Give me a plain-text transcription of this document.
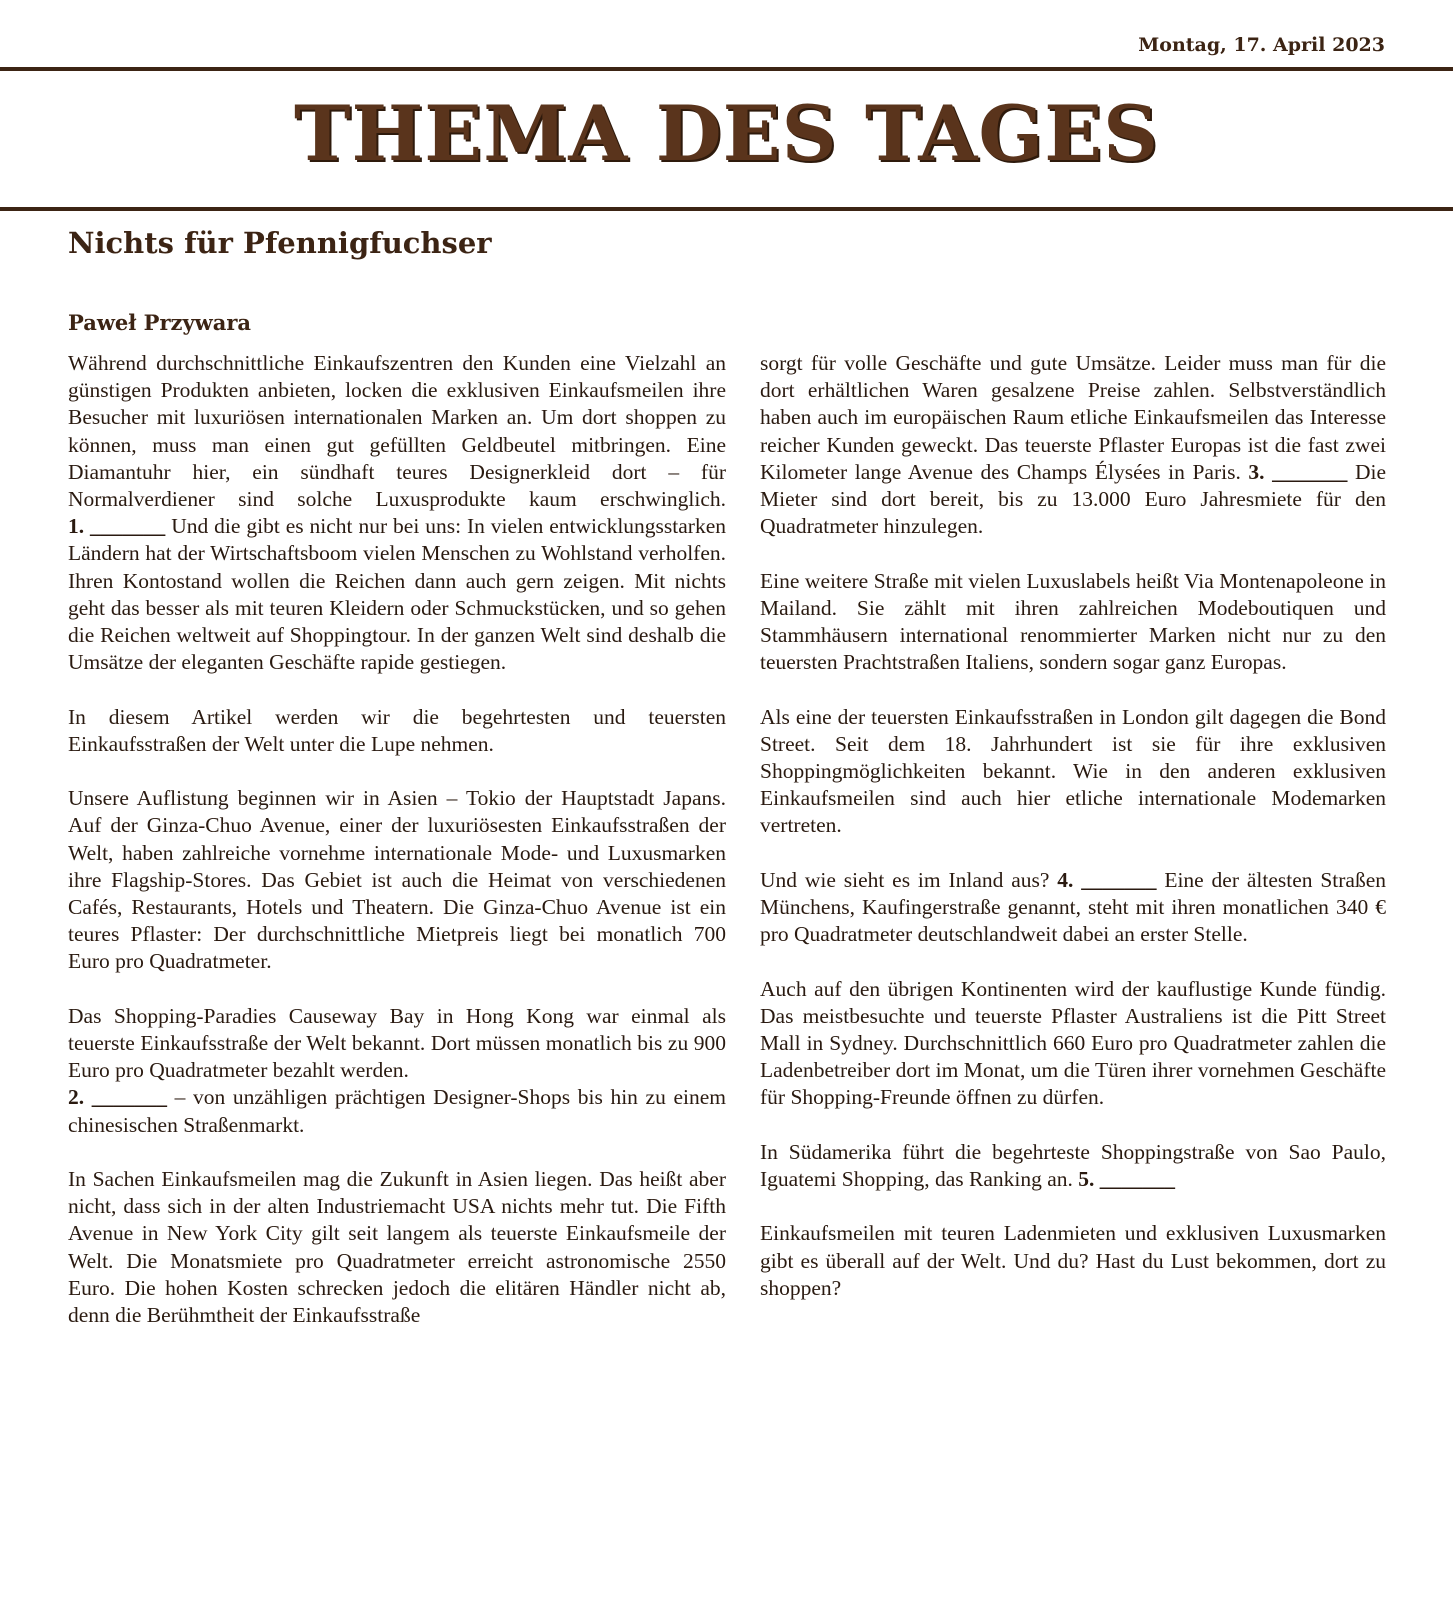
Montag, 17. April 2023
THEMA DES TAGES
Nichts für Pfennigfuchser
Paweł Przywara

Während durchschnittliche Einkaufszentren den Kunden eine Vielzahl an günstigen Produkten anbieten, locken die exklusiven Einkaufsmeilen ihre Besucher mit luxuriösen internationalen Marken an. Um dort shoppen zu können, muss man einen gut gefüllten Geldbeutel mitbringen. Eine Diamantuhr hier, ein sündhaft teures Designerkleid dort – für Normalverdiener sind solche Luxusprodukte kaum erschwinglich. 1. _______ Und die gibt es nicht nur bei uns: In vielen entwicklungsstarken Ländern hat der Wirtschaftsboom vielen Menschen zu Wohlstand verholfen. Ihren Kontostand wollen die Reichen dann auch gern zeigen. Mit nichts geht das besser als mit teuren Kleidern oder Schmuckstücken, und so gehen die Reichen weltweit auf Shoppingtour. In der ganzen Welt sind deshalb die Umsätze der eleganten Geschäfte rapide gestiegen.

In diesem Artikel werden wir die begehrtesten und teuersten Einkaufsstraßen der Welt unter die Lupe nehmen.

Unsere Auflistung beginnen wir in Asien – Tokio der Hauptstadt Japans. Auf der Ginza-Chuo Avenue, einer der luxuriösesten Einkaufsstraßen der Welt, haben zahlreiche vornehme internationale Mode- und Luxusmarken ihre Flagship-Stores. Das Gebiet ist auch die Heimat von verschiedenen Cafés, Restaurants, Hotels und Theatern. Die Ginza-Chuo Avenue ist ein teures Pflaster: Der durchschnittliche Mietpreis liegt bei monatlich 700 Euro pro Quadratmeter.

Das Shopping-Paradies Causeway Bay in Hong Kong war einmal als teuerste Einkaufsstraße der Welt bekannt. Dort müssen monatlich bis zu 900 Euro pro Quadratmeter bezahlt werden.
2. _______ – von unzähligen prächtigen Designer-Shops bis hin zu einem chinesischen Straßenmarkt.

In Sachen Einkaufsmeilen mag die Zukunft in Asien liegen. Das heißt aber nicht, dass sich in der alten Industriemacht USA nichts mehr tut. Die Fifth Avenue in New York City gilt seit langem als teuerste Einkaufsmeile der Welt. Die Monatsmiete pro Quadratmeter erreicht astronomische 2550 Euro. Die hohen Kosten schrecken jedoch die elitären Händler nicht ab, denn die Berühmtheit der Einkaufsstraße

sorgt für volle Geschäfte und gute Umsätze. Leider muss man für die dort erhältlichen Waren gesalzene Preise zahlen. Selbstverständlich haben auch im europäischen Raum etliche Einkaufsmeilen das Interesse reicher Kunden geweckt. Das teuerste Pflaster Europas ist die fast zwei Kilometer lange Avenue des Champs Élysées in Paris. 3. _______ Die Mieter sind dort bereit, bis zu 13.000 Euro Jahresmiete für den Quadratmeter hinzulegen.

Eine weitere Straße mit vielen Luxuslabels heißt Via Montenapoleone in Mailand. Sie zählt mit ihren zahlreichen Modeboutiquen und Stammhäusern international renommierter Marken nicht nur zu den teuersten Prachtstraßen Italiens, sondern sogar ganz Europas.

Als eine der teuersten Einkaufsstraßen in London gilt dagegen die Bond Street. Seit dem 18. Jahrhundert ist sie für ihre exklusiven Shoppingmöglichkeiten bekannt. Wie in den anderen exklusiven Einkaufsmeilen sind auch hier etliche internationale Modemarken vertreten.

Und wie sieht es im Inland aus? 4. _______ Eine der ältesten Straßen Münchens, Kaufingerstraße genannt, steht mit ihren monatlichen 340 € pro Quadratmeter deutschlandweit dabei an erster Stelle.

Auch auf den übrigen Kontinenten wird der kauflustige Kunde fündig. Das meistbesuchte und teuerste Pflaster Australiens ist die Pitt Street Mall in Sydney. Durchschnittlich 660 Euro pro Quadratmeter zahlen die Ladenbetreiber dort im Monat, um die Türen ihrer vornehmen Geschäfte für Shopping-Freunde öffnen zu dürfen.

In Südamerika führt die begehrteste Shoppingstraße von Sao Paulo, Iguatemi Shopping, das Ranking an. 5. _______

Einkaufsmeilen mit teuren Ladenmieten und exklusiven Luxusmarken gibt es überall auf der Welt. Und du? Hast du Lust bekommen, dort zu shoppen?
